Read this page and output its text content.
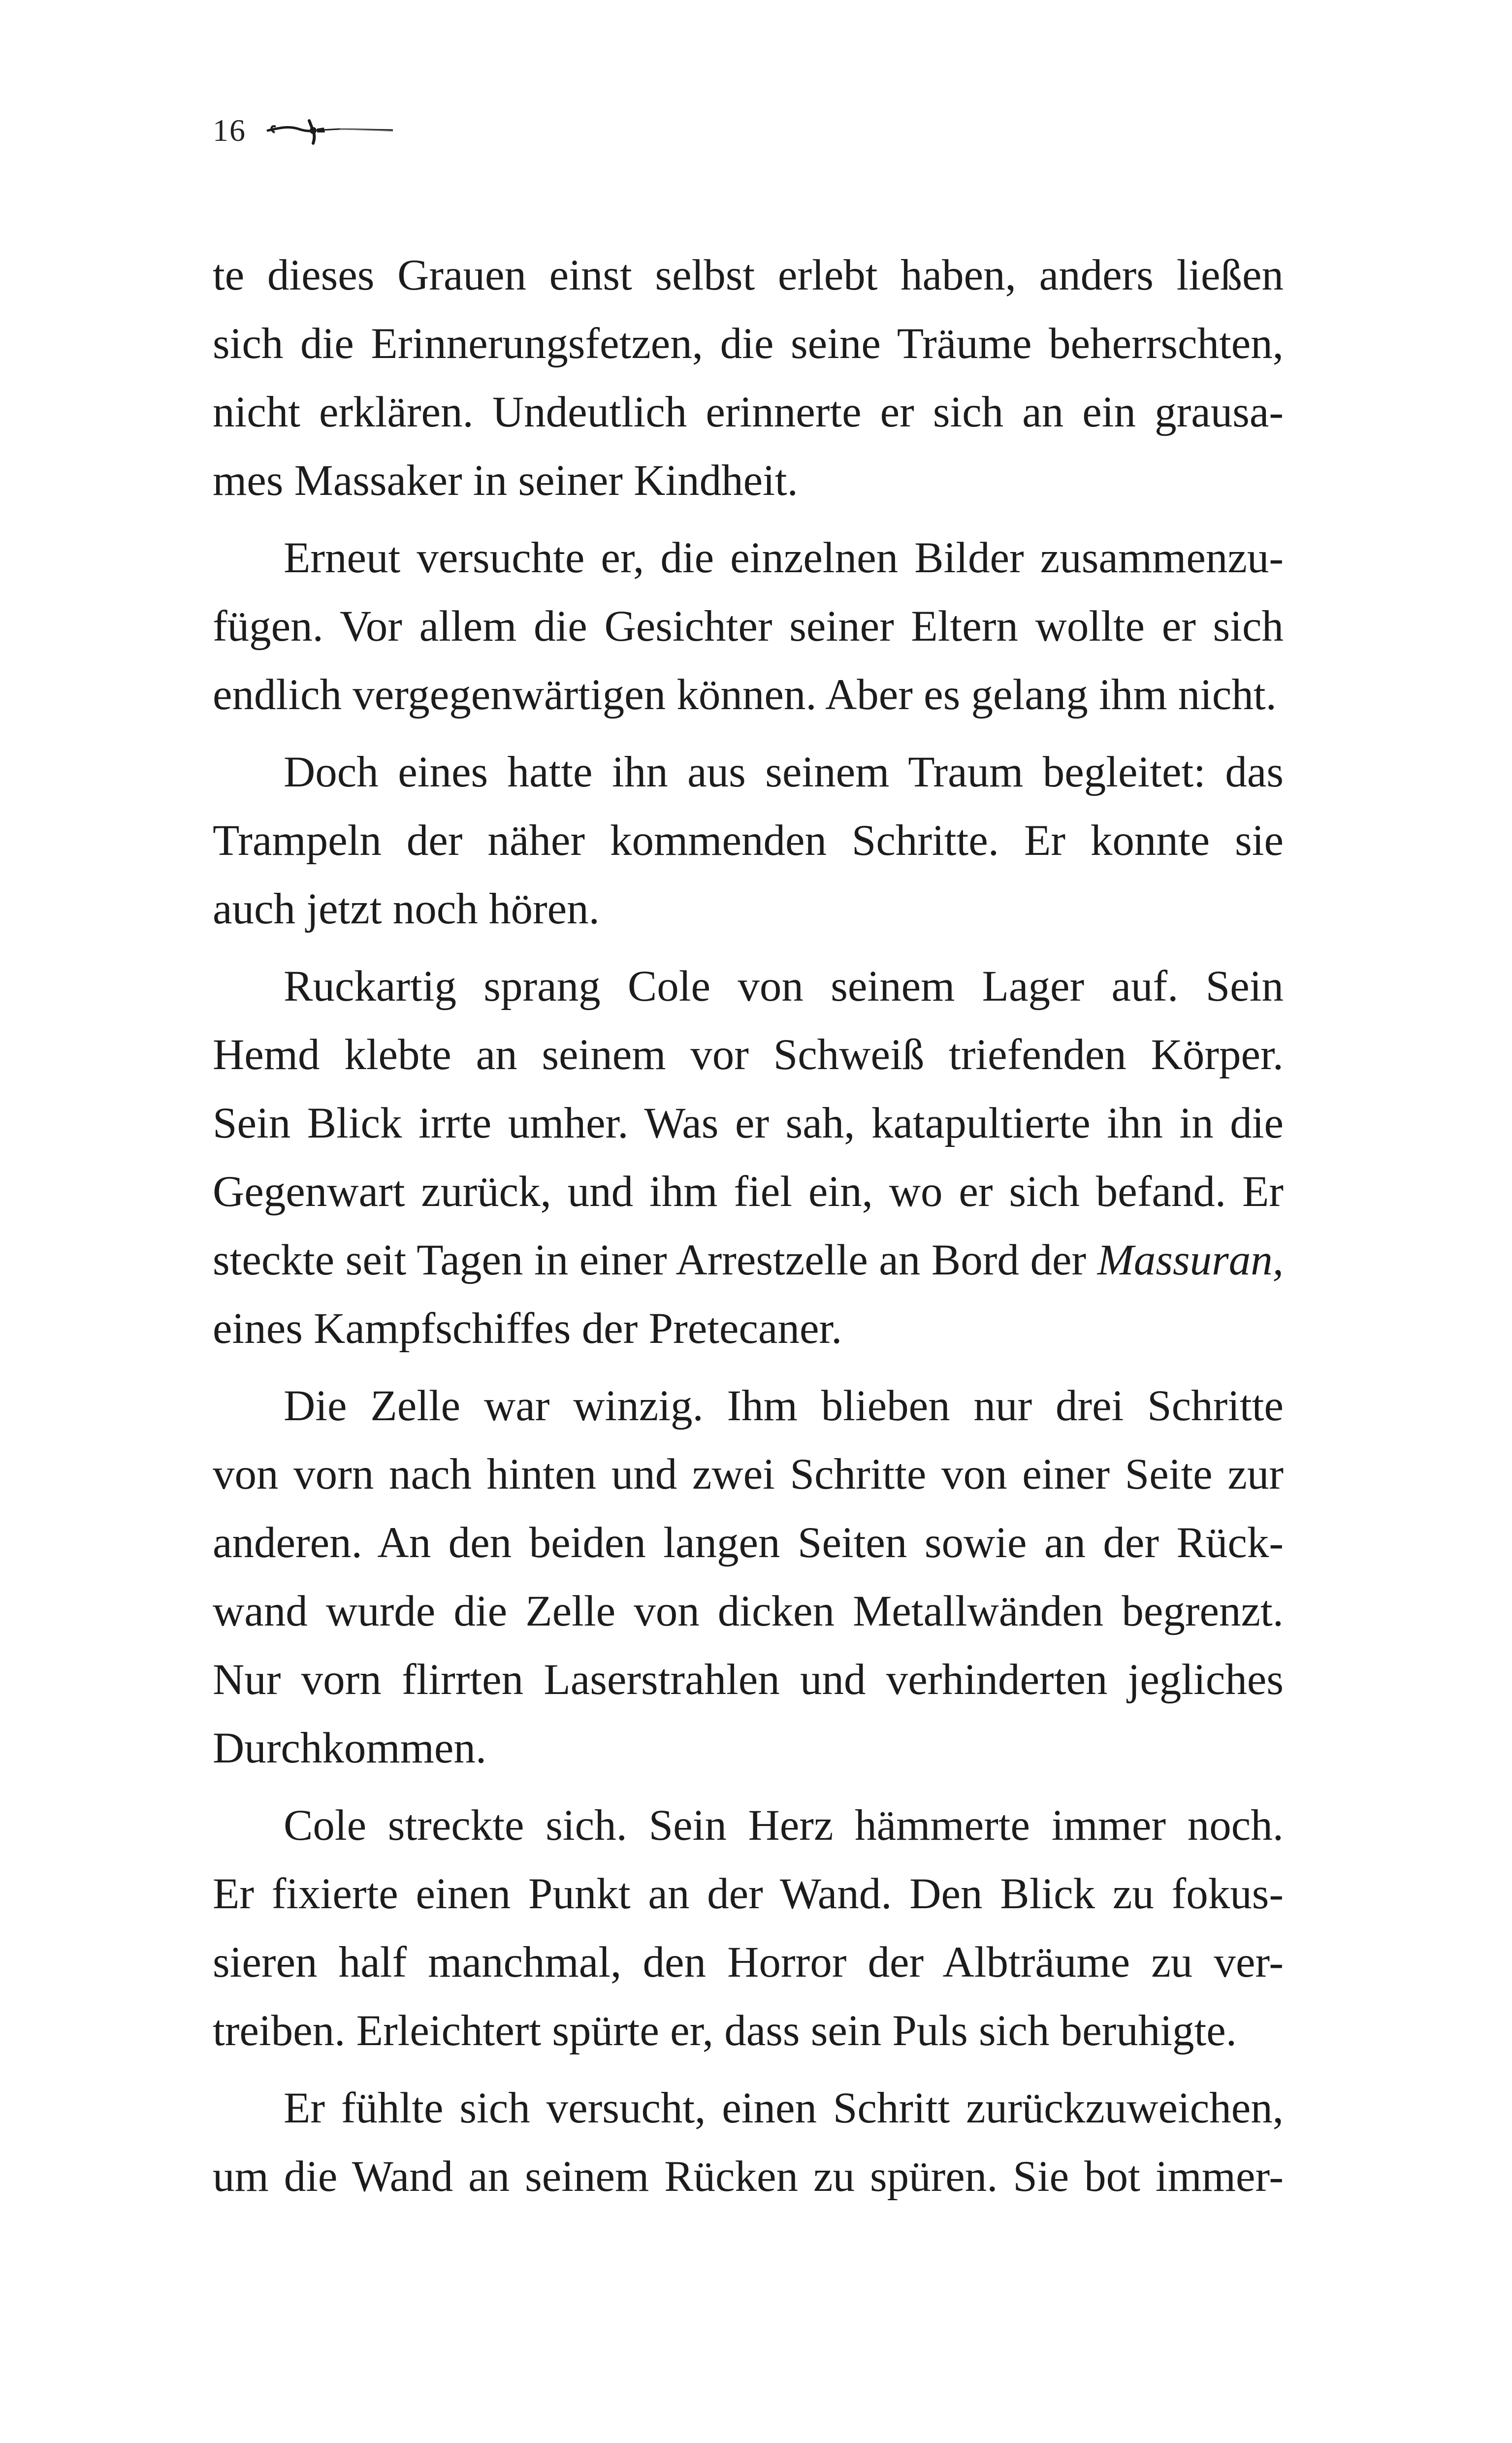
16

te dieses Grauen einst selbst erlebt haben, anders ließen
sich die Erinnerungsfetzen, die seine Träume beherrschten,
nicht erklären. Undeutlich erinnerte er sich an ein grausa-
mes Massaker in seiner Kindheit.

Erneut versuchte er, die einzelnen Bilder zusammenzu-
fügen. Vor allem die Gesichter seiner Eltern wollte er sich
endlich vergegenwärtigen können. Aber es gelang ihm nicht.

Doch eines hatte ihn aus seinem Traum begleitet: das
Trampeln der näher kommenden Schritte. Er konnte sie
auch jetzt noch hören.

Ruckartig sprang Cole von seinem Lager auf. Sein
Hemd klebte an seinem vor Schweiß triefenden Körper.
Sein Blick irrte umher. Was er sah, katapultierte ihn in die
Gegenwart zurück, und ihm fiel ein, wo er sich befand. Er
steckte seit Tagen in einer Arrestzelle an Bord der Massuran,
eines Kampfschiffes der Pretecaner.

Die Zelle war winzig. Ihm blieben nur drei Schritte
von vorn nach hinten und zwei Schritte von einer Seite zur
anderen. An den beiden langen Seiten sowie an der Rück-
wand wurde die Zelle von dicken Metallwänden begrenzt.
Nur vorn flirrten Laserstrahlen und verhinderten jegliches
Durchkommen.

Cole streckte sich. Sein Herz hämmerte immer noch.
Er fixierte einen Punkt an der Wand. Den Blick zu fokus-
sieren half manchmal, den Horror der Albträume zu ver-
treiben. Erleichtert spürte er, dass sein Puls sich beruhigte.

Er fühlte sich versucht, einen Schritt zurückzuweichen,
um die Wand an seinem Rücken zu spüren. Sie bot immer-
